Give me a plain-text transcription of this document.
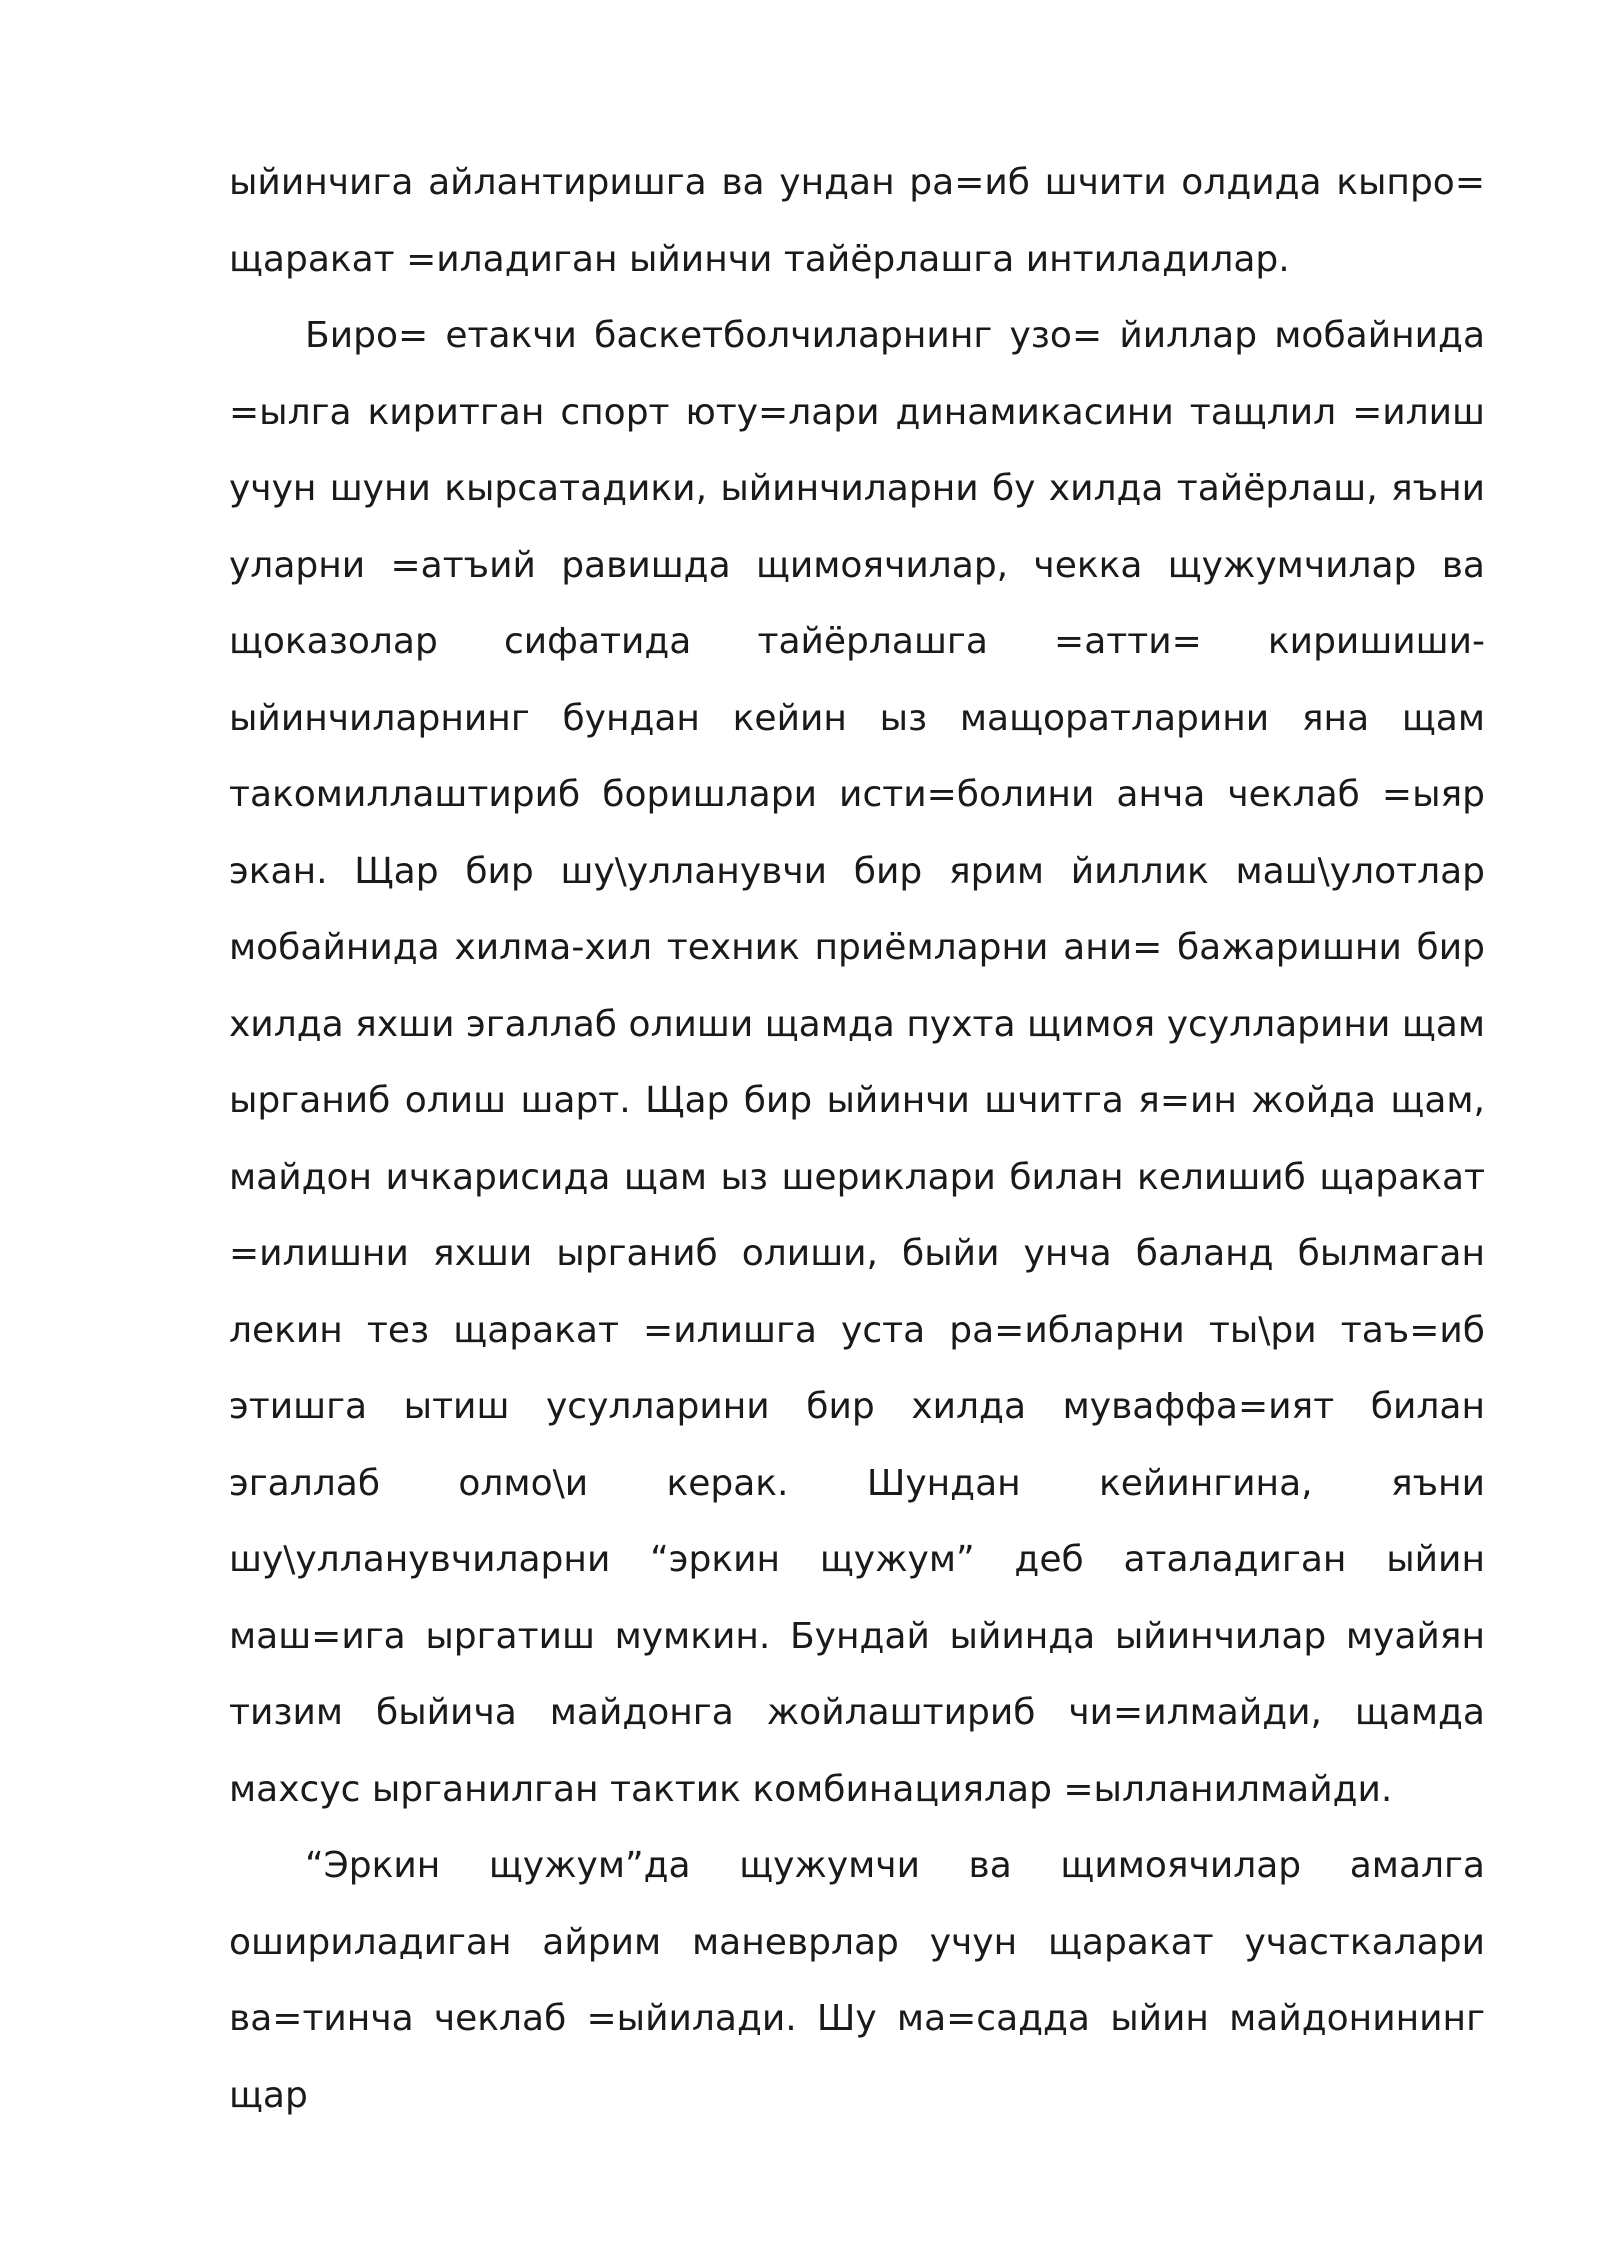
ыйинчига айлантиришга ва ундан ра=иб шчити олдида кыпро= щаракат =иладиган ыйинчи тайёрлашга интиладилар.

Биро= етакчи баскетболчиларнинг узо= йиллар мобайнида =ылга киритган спорт юту=лари динамикасини тащлил =илиш учун шуни кырсатадики, ыйинчиларни бу хилда тайёрлаш, яъни уларни =атъий равишда щимоячилар, чекка щужумчилар ва щоказолар сифатида тайёрлашга =атти= киришиши- ыйинчиларнинг бундан кейин ыз мащоратларини яна щам такомиллаштириб боришлари исти=болини анча чеклаб =ыяр экан. Щар бир шу\улланувчи бир ярим йиллик маш\улотлар мобайнида хилма-хил техник приёмларни ани= бажаришни бир хилда яхши эгаллаб олиши щамда пухта щимоя усулларини щам ырганиб олиш шарт. Щар бир ыйинчи шчитга я=ин жойда щам, майдон ичкарисида щам ыз шериклари билан келишиб щаракат =илишни яхши ырганиб олиши, быйи унча баланд былмаган лекин тез щаракат =илишга уста ра=ибларни ты\ри таъ=иб этишга ытиш усулларини бир хилда муваффа=ият билан эгаллаб олмо\и керак. Шундан кейингина, яъни шу\улланувчиларни “эркин щужум” деб аталадиган ыйин маш=ига ыргатиш мумкин. Бундай ыйинда ыйинчилар муайян тизим быйича майдонга жойлаштириб чи=илмайди, щамда махсус ырганилган тактик комбинациялар =ылланилмайди.

“Эркин щужум”да щужумчи ва щимоячилар амалга ошириладиган айрим маневрлар учун щаракат участкалари ва=тинча чеклаб =ыйилади. Шу ма=садда ыйин майдонининг щар
